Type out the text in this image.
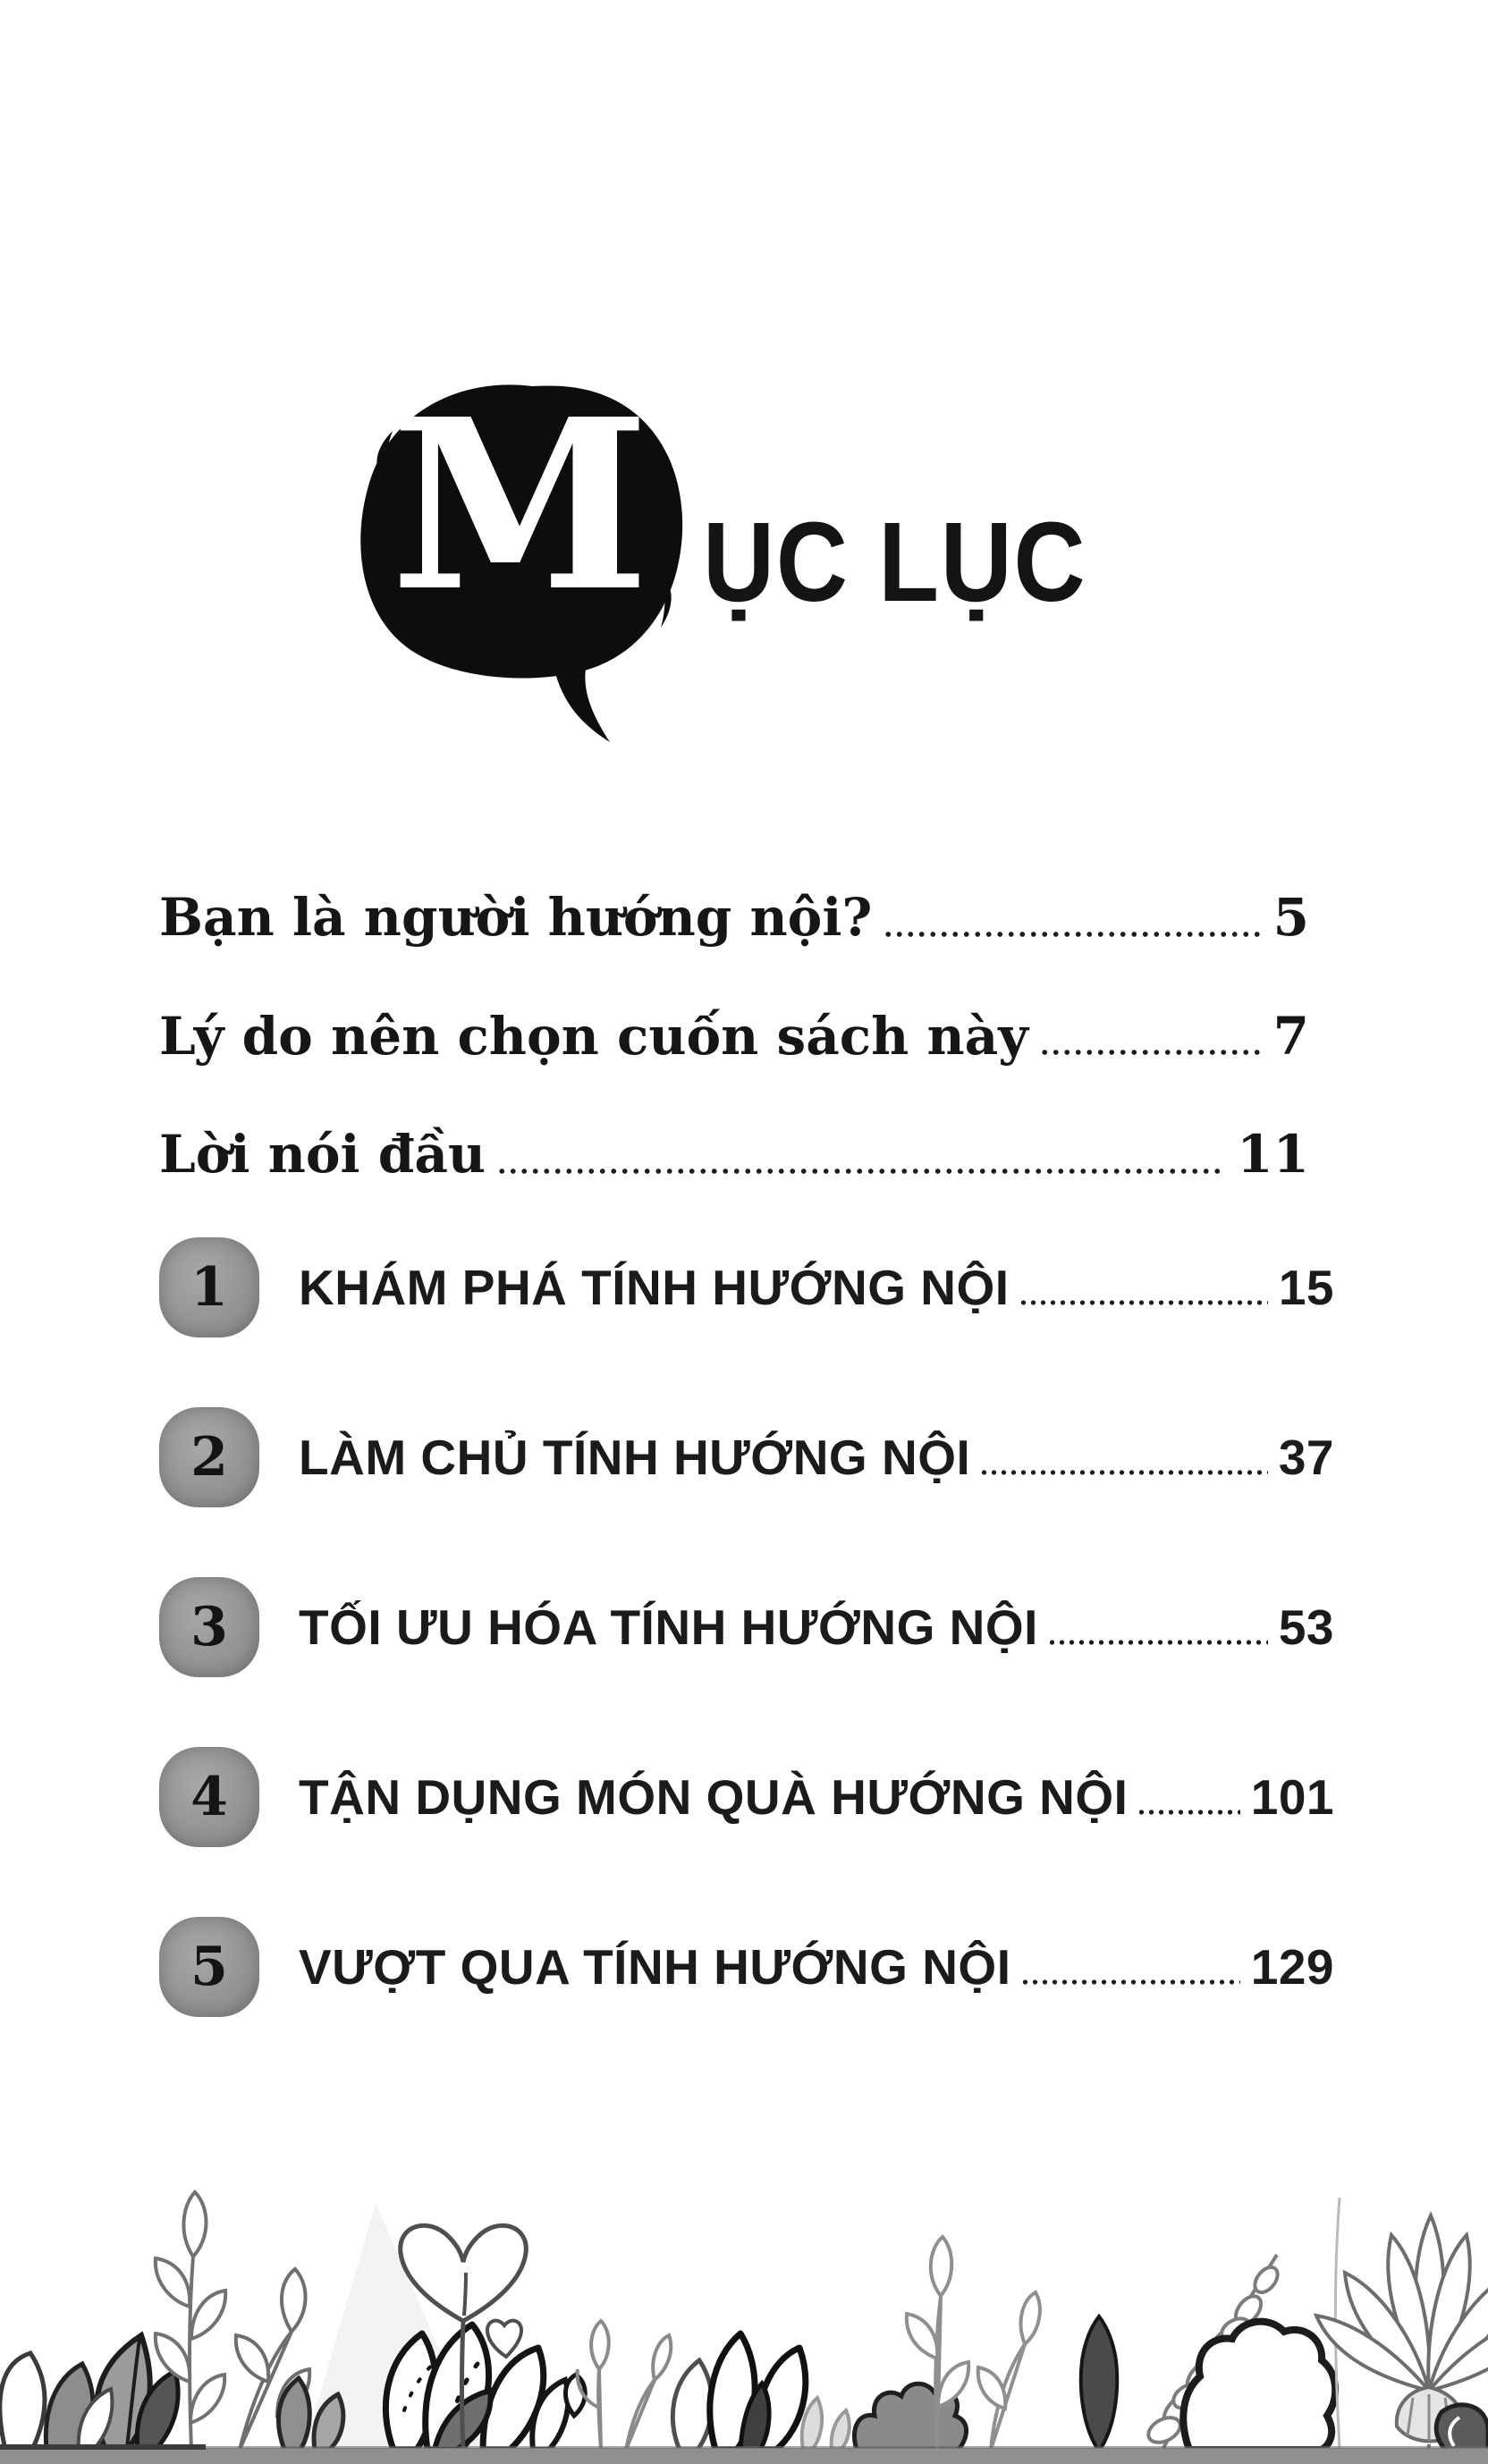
M ỤC LỤC
Bạn là người hướng nội?	5
Lý do nên chọn cuốn sách này	7
Lời nói đầu	11
1 KHÁM PHÁ TÍNH HƯỚNG NỘI	15
2 LÀM CHỦ TÍNH HƯỚNG NỘI	37
3 TỐI ƯU HÓA TÍNH HƯỚNG NỘI	53
4 TẬN DỤNG MÓN QUÀ HƯỚNG NỘI 101
5 VƯỢT QUA TÍNH HƯỚNG NỘI	129
